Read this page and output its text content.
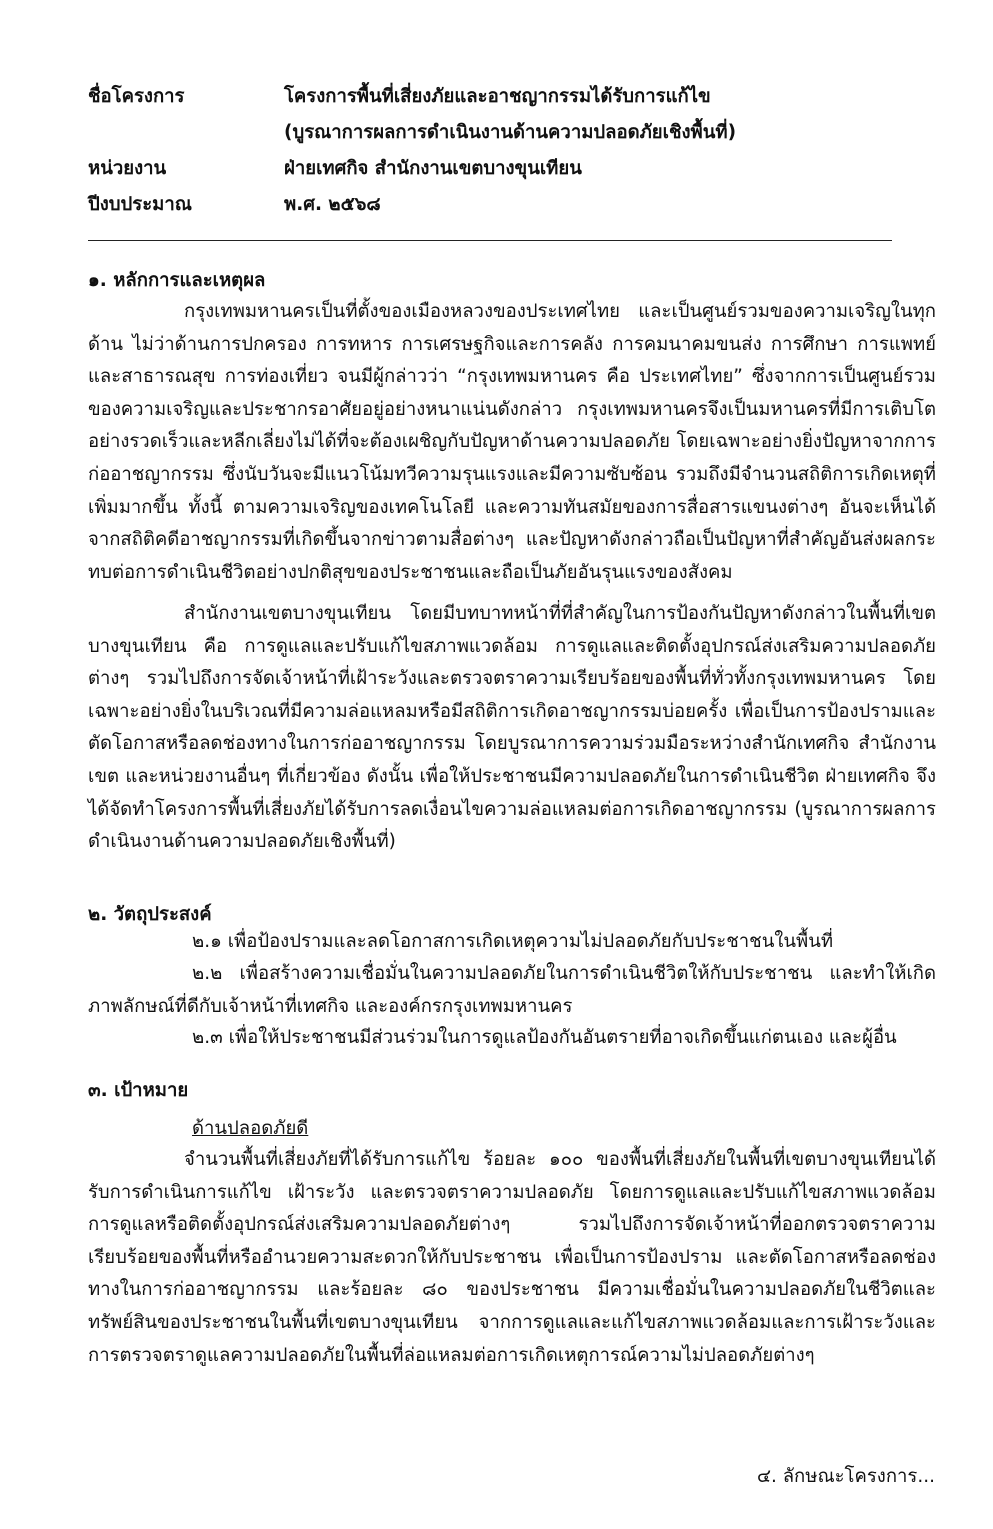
ชื่อโครงการ	โครงการพื้นที่เสี่ยงภัยและอาชญากรรมได้รับการแก้ไข
(บูรณาการผลการดำเนินงานด้านความปลอดภัยเชิงพื้นที่)
หน่วยงาน	ฝ่ายเทศกิจ สำนักงานเขตบางขุนเทียน
ปีงบประมาณ	พ.ศ. ๒๕๖๘
๑. หลักการและเหตุผล

กรุงเทพมหานครเป็นที่ตั้งของเมืองหลวงของประเทศไทย และเป็นศูนย์รวมของความเจริญในทุกด้าน ไม่ว่าด้านการปกครอง การทหาร การเศรษฐกิจและการคลัง การคมนาคมขนส่ง การศึกษา การแพทย์และสาธารณสุข การท่องเที่ยว จนมีผู้กล่าวว่า “กรุงเทพมหานคร คือ ประเทศไทย” ซึ่งจากการเป็นศูนย์รวมของความเจริญและประชากรอาศัยอยู่อย่างหนาแน่นดังกล่าว กรุงเทพมหานครจึงเป็นมหานครที่มีการเติบโตอย่างรวดเร็วและหลีกเลี่ยงไม่ได้ที่จะต้องเผชิญกับปัญหาด้านความปลอดภัย โดยเฉพาะอย่างยิ่งปัญหาจากการก่ออาชญากรรม ซึ่งนับวันจะมีแนวโน้มทวีความรุนแรงและมีความซับซ้อน รวมถึงมีจำนวนสถิติการเกิดเหตุที่เพิ่มมากขึ้น ทั้งนี้ ตามความเจริญของเทคโนโลยี และความทันสมัยของการสื่อสารแขนงต่างๆ อันจะเห็นได้จากสถิติคดีอาชญากรรมที่เกิดขึ้นจากข่าวตามสื่อต่างๆ และปัญหาดังกล่าวถือเป็นปัญหาที่สำคัญอันส่งผลกระทบต่อการดำเนินชีวิตอย่างปกติสุขของประชาชนและถือเป็นภัยอันรุนแรงของสังคม

สำนักงานเขตบางขุนเทียน โดยมีบทบาทหน้าที่ที่สำคัญในการป้องกันปัญหาดังกล่าวในพื้นที่เขตบางขุนเทียน คือ การดูแลและปรับแก้ไขสภาพแวดล้อม การดูแลและติดตั้งอุปกรณ์ส่งเสริมความปลอดภัยต่างๆ รวมไปถึงการจัดเจ้าหน้าที่เฝ้าระวังและตรวจตราความเรียบร้อยของพื้นที่ทั่วทั้งกรุงเทพมหานคร โดยเฉพาะอย่างยิ่งในบริเวณที่มีความล่อแหลมหรือมีสถิติการเกิดอาชญากรรมบ่อยครั้ง เพื่อเป็นการป้องปรามและตัดโอกาสหรือลดช่องทางในการก่ออาชญากรรม โดยบูรณาการความร่วมมือระหว่างสำนักเทศกิจ สำนักงานเขต และหน่วยงานอื่นๆ ที่เกี่ยวข้อง ดังนั้น เพื่อให้ประชาชนมีความปลอดภัยในการดำเนินชีวิต ฝ่ายเทศกิจ จึงได้จัดทำโครงการพื้นที่เสี่ยงภัยได้รับการลดเงื่อนไขความล่อแหลมต่อการเกิดอาชญากรรม (บูรณาการผลการดำเนินงานด้านความปลอดภัยเชิงพื้นที่)

๒. วัตถุประสงค์

๒.๑ เพื่อป้องปรามและลดโอกาสการเกิดเหตุความไม่ปลอดภัยกับประชาชนในพื้นที่

๒.๒ เพื่อสร้างความเชื่อมั่นในความปลอดภัยในการดำเนินชีวิตให้กับประชาชน และทำให้เกิดภาพลักษณ์ที่ดีกับเจ้าหน้าที่เทศกิจ และองค์กรกรุงเทพมหานคร

๒.๓ เพื่อให้ประชาชนมีส่วนร่วมในการดูแลป้องกันอันตรายที่อาจเกิดขึ้นแก่ตนเอง และผู้อื่น

๓. เป้าหมาย
ด้านปลอดภัยดี

จำนวนพื้นที่เสี่ยงภัยที่ได้รับการแก้ไข ร้อยละ ๑๐๐ ของพื้นที่เสี่ยงภัยในพื้นที่เขตบางขุนเทียนได้รับการดำเนินการแก้ไข เฝ้าระวัง และตรวจตราความปลอดภัย โดยการดูแลและปรับแก้ไขสภาพแวดล้อม การดูแลหรือติดตั้งอุปกรณ์ส่งเสริมความปลอดภัยต่างๆ รวมไปถึงการจัดเจ้าหน้าที่ออกตรวจตราความเรียบร้อยของพื้นที่หรืออำนวยความสะดวกให้กับประชาชน เพื่อเป็นการป้องปราม และตัดโอกาสหรือลดช่องทางในการก่ออาชญากรรม และร้อยละ ๘๐ ของประชาชน มีความเชื่อมั่นในความปลอดภัยในชีวิตและทรัพย์สินของประชาชนในพื้นที่เขตบางขุนเทียน จากการดูแลและแก้ไขสภาพแวดล้อมและการเฝ้าระวังและการตรวจตราดูแลความปลอดภัยในพื้นที่ล่อแหลมต่อการเกิดเหตุการณ์ความไม่ปลอดภัยต่างๆ

๔. ลักษณะโครงการ...
